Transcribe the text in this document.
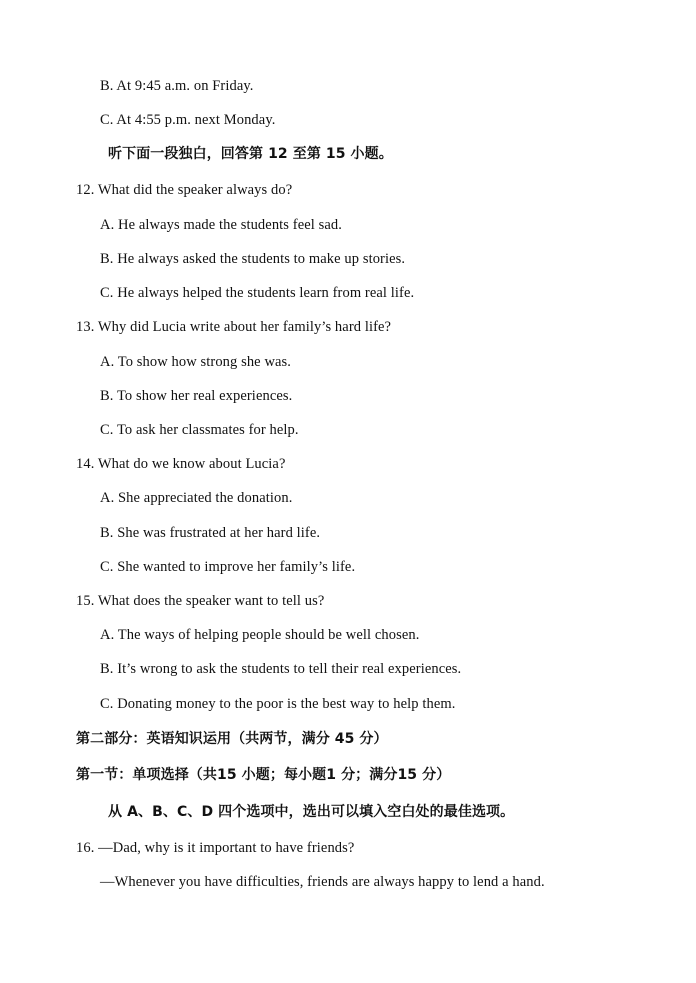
B. At 9:45 a.m. on Friday.
C. At 4:55 p.m. next Monday.
听下面一段独白，回答第 12 至第 15 小题。
12. What did the speaker always do?
A. He always made the students feel sad.
B. He always asked the students to make up stories.
C. He always helped the students learn from real life.
13. Why did Lucia write about her family’s hard life?
A. To show how strong she was.
B. To show her real experiences.
C. To ask her classmates for help.
14. What do we know about Lucia?
A. She appreciated the donation.
B. She was frustrated at her hard life.
C. She wanted to improve her family’s life.
15. What does the speaker want to tell us?
A. The ways of helping people should be well chosen.
B. It’s wrong to ask the students to tell their real experiences.
C. Donating money to the poor is the best way to help them.
第二部分：英语知识运用（共两节，满分 45 分）
第一节：单项选择（共15 小题；每小题1 分；满分15 分）
从 A、B、C、D 四个选项中，选出可以填入空白处的最佳选项。
16. —Dad, why is it important to have friends?
—Whenever you have difficulties, friends are always happy to lend a hand.
